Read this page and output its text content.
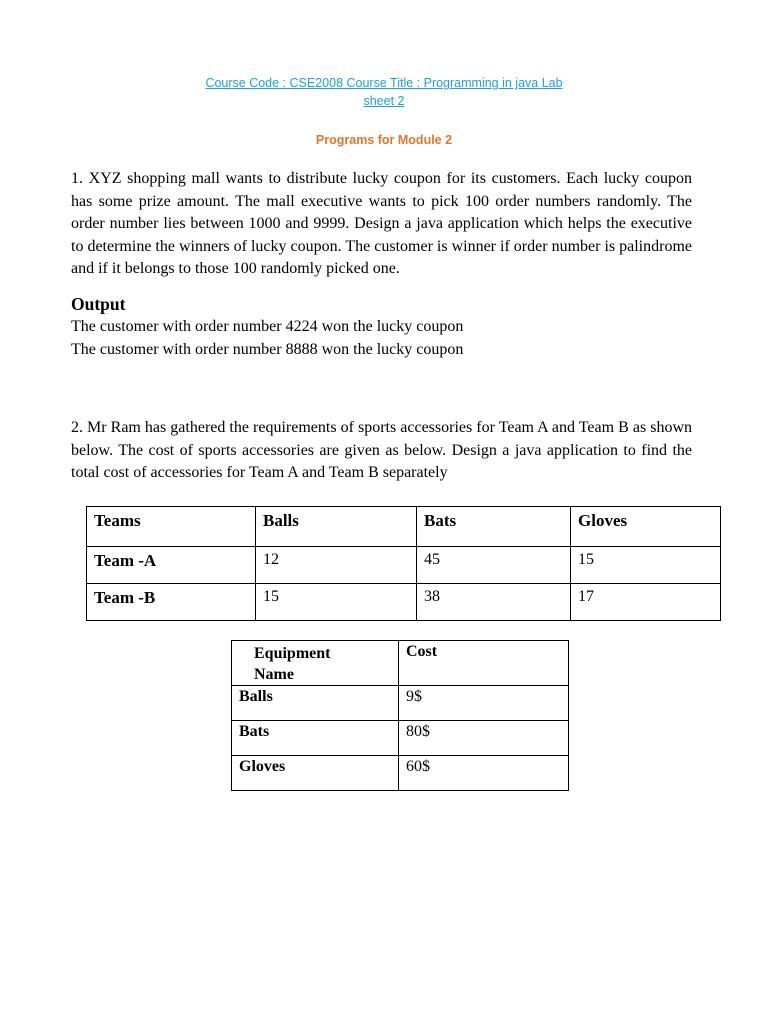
Course Code : CSE2008 Course Title : Programming in java Lab
sheet 2
Programs for Module 2
1. XYZ shopping mall wants to distribute lucky coupon for its customers. Each lucky coupon has some prize amount. The mall executive wants to pick 100 order numbers randomly. The order number lies between 1000 and 9999. Design a java application which helps the executive to determine the winners of lucky coupon. The customer is winner if order number is palindrome and if it belongs to those 100 randomly picked one.
Output
The customer with order number 4224 won the lucky coupon
The customer with order number 8888 won the lucky coupon
2. Mr Ram has gathered the requirements of sports accessories for Team A and Team B as shown below. The cost of sports accessories are given as below. Design a java application to find the total cost of accessories for Team A and Team B separately
Teams	Balls	Bats	Gloves
Team -A	12	45	15
Team -B	15	38	17
Equipment Name	Cost
Balls	9$
Bats	80$
Gloves	60$
